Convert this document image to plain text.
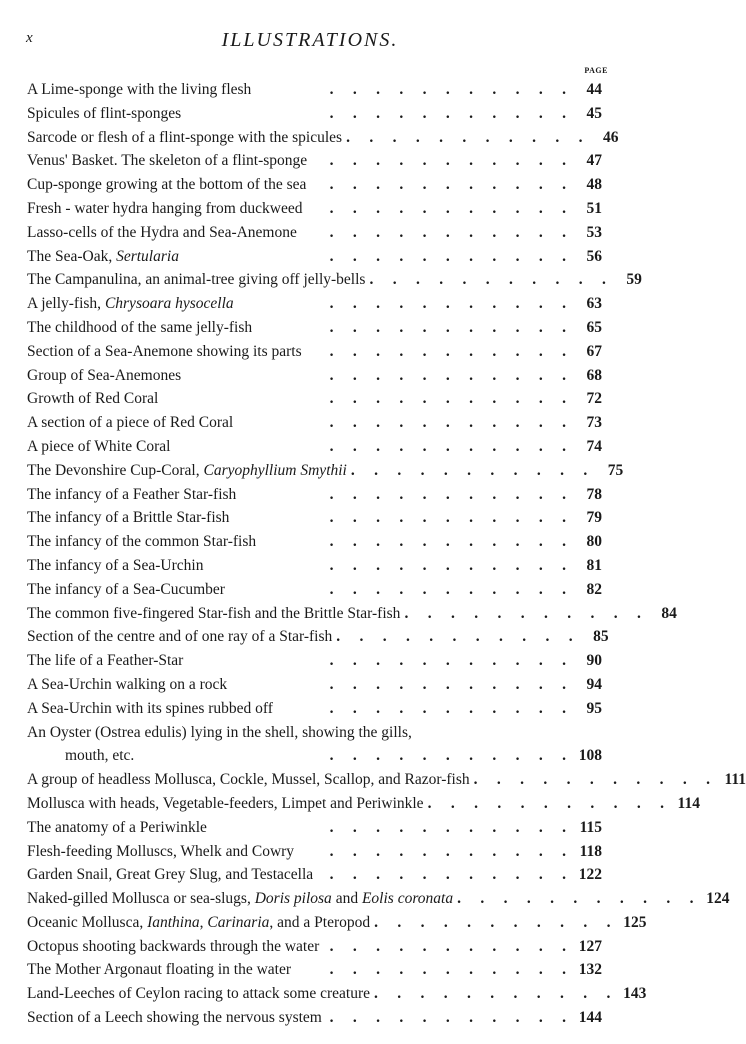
x	ILLUSTRATIONS.
PAGE
A Lime-sponge with the living flesh .	44
Spicules of flint-sponges .	45
Sarcode or flesh of a flint-sponge with the spicules .	46
Venus' Basket. The skeleton of a flint-sponge .	47
Cup-sponge growing at the bottom of the sea .	48
Fresh - water hydra hanging from duckweed .	51
Lasso-cells of the Hydra and Sea-Anemone .	53
The Sea-Oak, Sertularia .	56
The Campanulina, an animal-tree giving off jelly-bells .	59
A jelly-fish, Chrysoara hysocella .	63
The childhood of the same jelly-fish .	65
Section of a Sea-Anemone showing its parts .	67
Group of Sea-Anemones .	68
Growth of Red Coral .	72
A section of a piece of Red Coral .	73
A piece of White Coral .	74
The Devonshire Cup-Coral, Caryophyllium Smythii .	75
The infancy of a Feather Star-fish .	78
The infancy of a Brittle Star-fish .	79
The infancy of the common Star-fish .	80
The infancy of a Sea-Urchin .	81
The infancy of a Sea-Cucumber .	82
The common five-fingered Star-fish and the Brittle Star-fish .	84
Section of the centre and of one ray of a Star-fish .	85
The life of a Feather-Star .	90
A Sea-Urchin walking on a rock .	94
A Sea-Urchin with its spines rubbed off .	95
An Oyster (Ostrea edulis) lying in the shell, showing the gills,
mouth, etc. .	108
A group of headless Mollusca, Cockle, Mussel, Scallop, and Razor-fish .	111
Mollusca with heads, Vegetable-feeders, Limpet and Periwinkle .	114
The anatomy of a Periwinkle .	115
Flesh-feeding Molluscs, Whelk and Cowry .	118
Garden Snail, Great Grey Slug, and Testacella .	122
Naked-gilled Mollusca or sea-slugs, Doris pilosa and Eolis coronata .	124
Oceanic Mollusca, Ianthina, Carinaria, and a Pteropod .	125
Octopus shooting backwards through the water .	127
The Mother Argonaut floating in the water .	132
Land-Leeches of Ceylon racing to attack some creature .	143
Section of a Leech showing the nervous system .	144
